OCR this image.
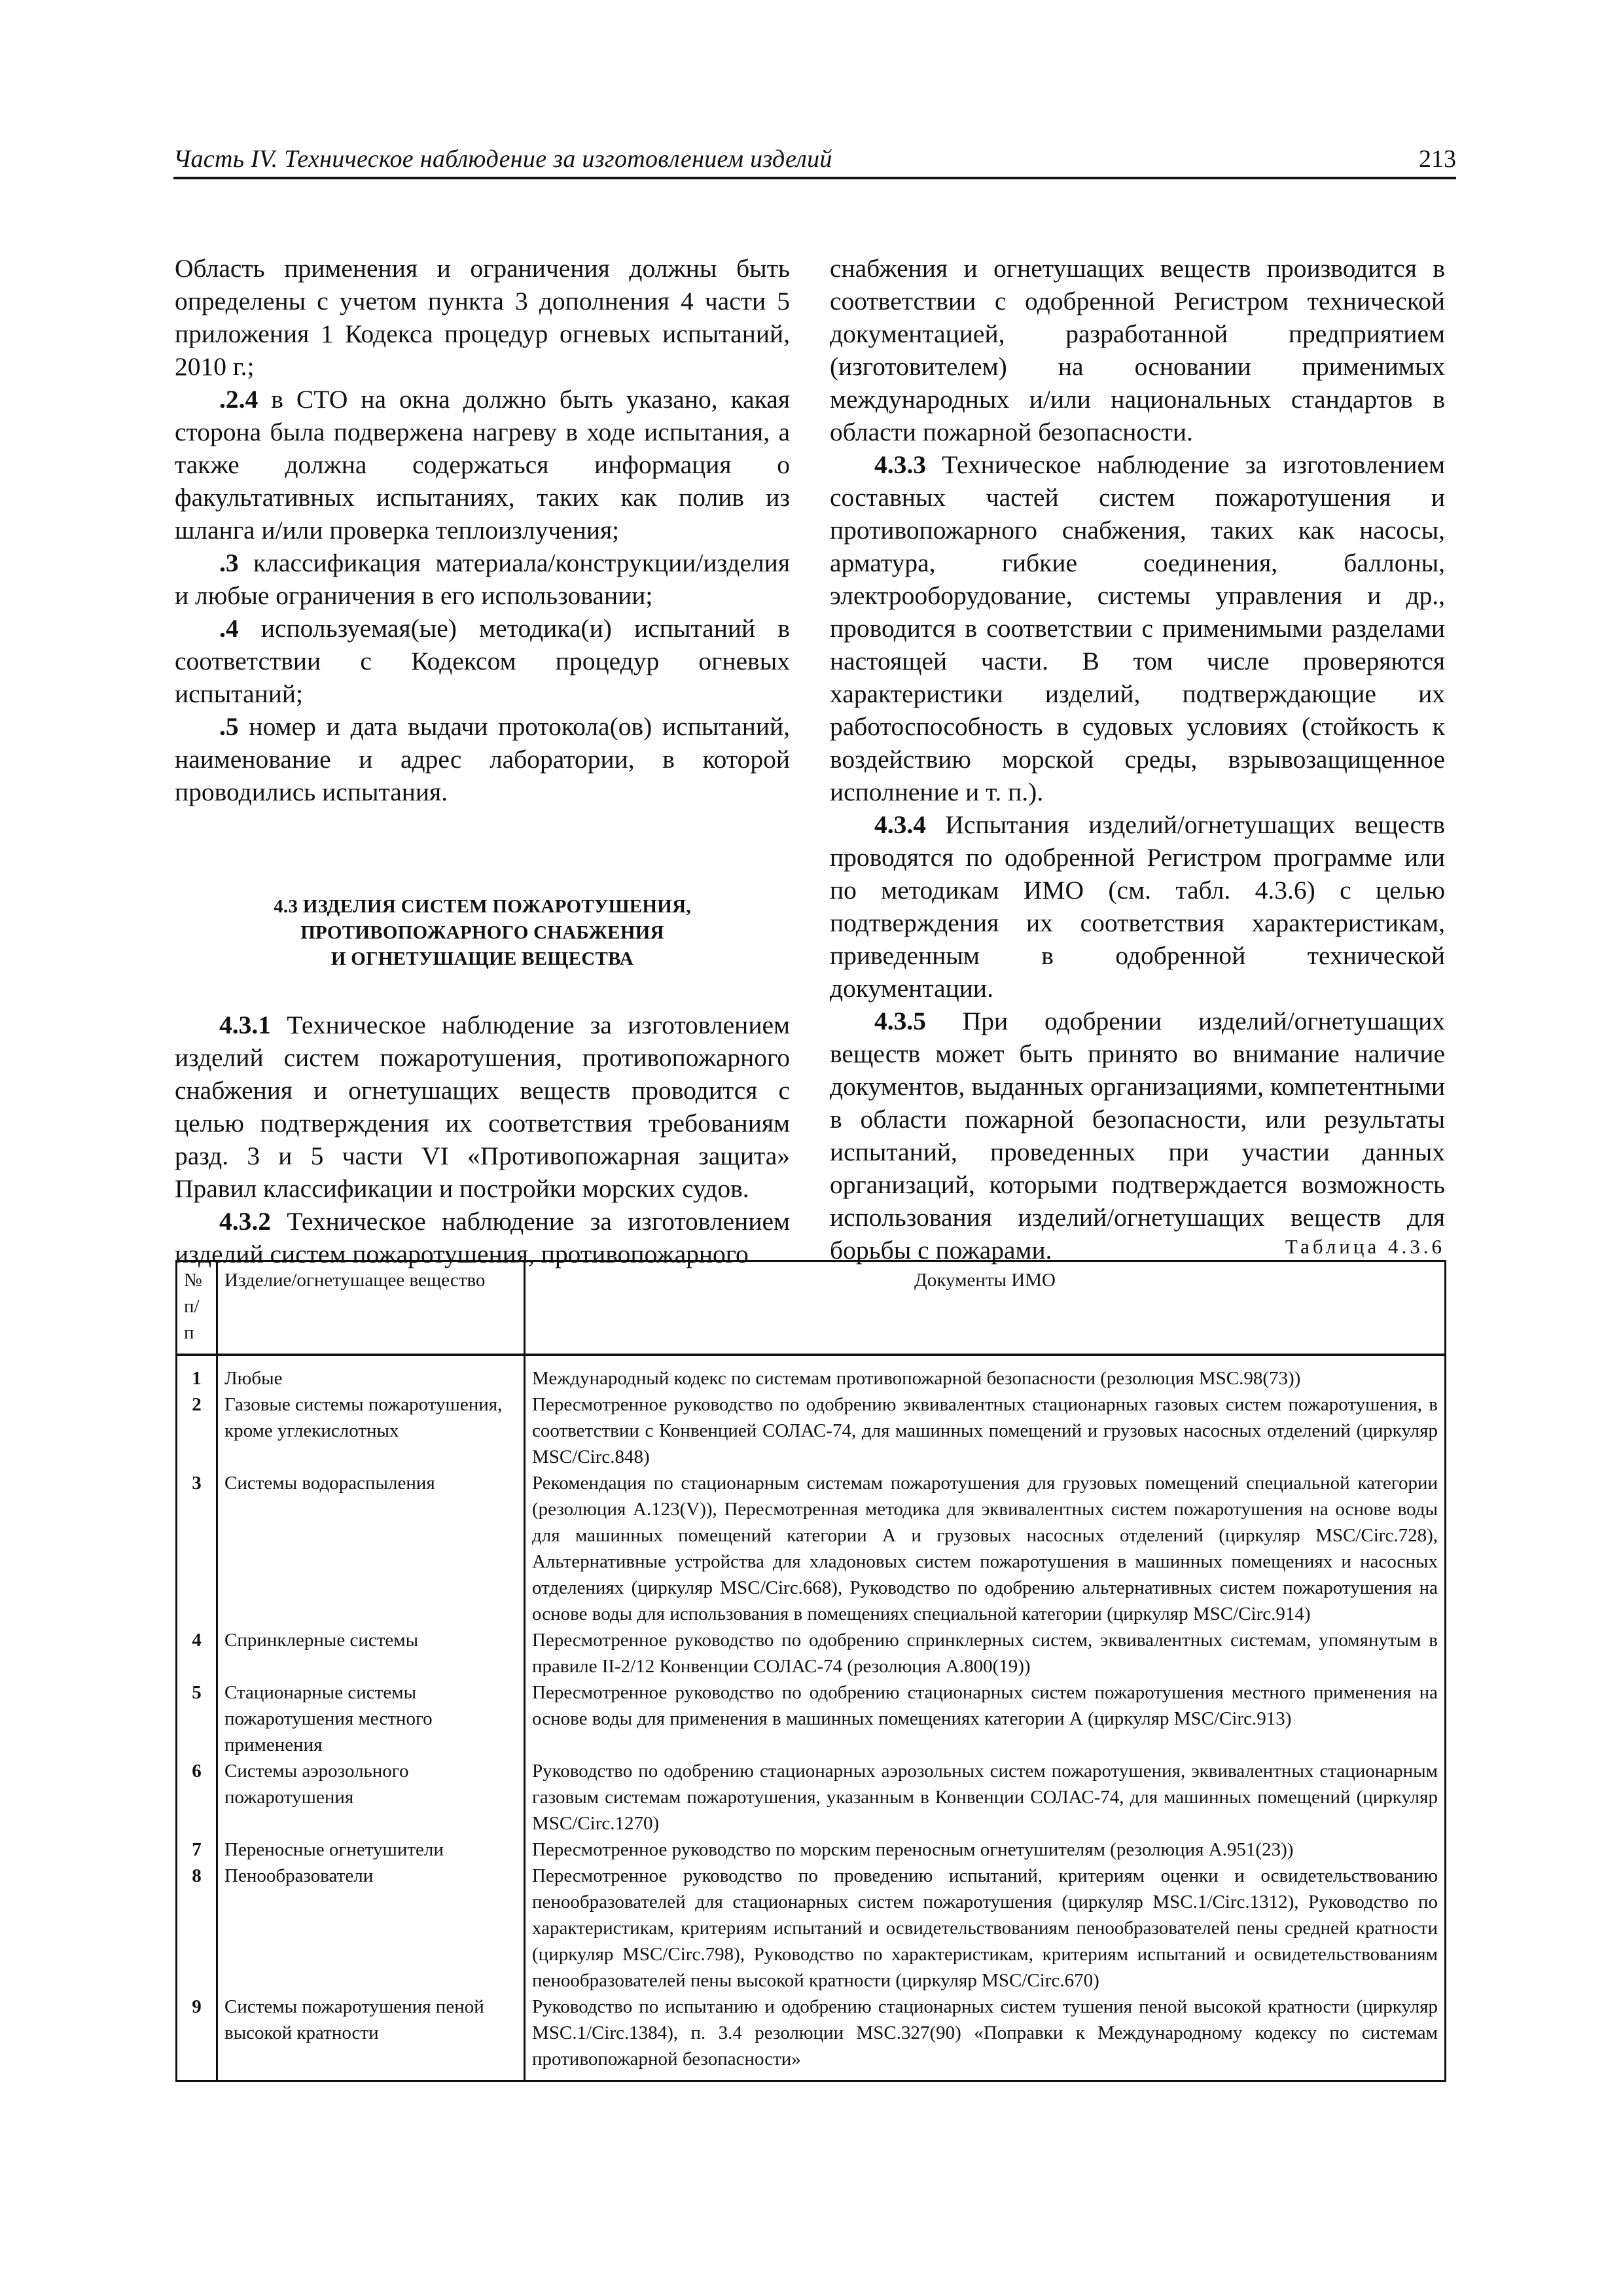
Часть IV. Техническое наблюдение за изготовлением изделий	213

Область применения и ограничения должны быть определены с учетом пункта 3 дополнения 4 части 5 приложения 1 Кодекса процедур огневых испытаний, 2010 г.;

.2.4 в СТО на окна должно быть указано, какая сторона была подвержена нагреву в ходе испытания, а также должна содержаться информация о факультативных испытаниях, таких как полив из шланга и/или проверка теплоизлучения;

.3 классификация материала/конструкции/изделия и любые ограничения в его использовании;

.4 используемая(ые) методика(и) испытаний в соответствии с Кодексом процедур огневых испытаний;

.5 номер и дата выдачи протокола(ов) испытаний, наименование и адрес лаборатории, в которой проводились испытания.

4.3 ИЗДЕЛИЯ СИСТЕМ ПОЖАРОТУШЕНИЯ,
ПРОТИВОПОЖАРНОГО СНАБЖЕНИЯ
И ОГНЕТУШАЩИЕ ВЕЩЕСТВА

4.3.1 Техническое наблюдение за изготовлением изделий систем пожаротушения, противопожарного снабжения и огнетушащих веществ проводится с целью подтверждения их соответствия требованиям разд. 3 и 5 части VI «Противопожарная защита» Правил классификации и постройки морских судов.

4.3.2 Техническое наблюдение за изготовлением изделий систем пожаротушения, противопожарного

снабжения и огнетушащих веществ производится в соответствии с одобренной Регистром технической документацией, разработанной предприятием (изготовителем) на основании применимых международных и/или национальных стандартов в области пожарной безопасности.

4.3.3 Техническое наблюдение за изготовлением составных частей систем пожаротушения и противопожарного снабжения, таких как насосы, арматура, гибкие соединения, баллоны, электрооборудование, системы управления и др., проводится в соответствии с применимыми разделами настоящей части. В том числе проверяются характеристики изделий, подтверждающие их работоспособность в судовых условиях (стойкость к воздействию морской среды, взрывозащищенное исполнение и т. п.).

4.3.4 Испытания изделий/огнетушащих веществ проводятся по одобренной Регистром программе или по методикам ИМО (см. табл. 4.3.6) с целью подтверждения их соответствия характеристикам, приведенным в одобренной технической документации.

4.3.5 При одобрении изделий/огнетушащих веществ может быть принято во внимание наличие документов, выданных организациями, компетентными в области пожарной безопасности, или результаты испытаний, проведенных при участии данных организаций, которыми подтверждается возможность использования изделий/огнетушащих веществ для борьбы с пожарами.	Таблица 4.3.6
№ п/п	Изделие/огнетушащее вещество	Документы ИМО
1	Любые	Международный кодекс по системам противопожарной безопасности (резолюция MSC.98(73))
2	Газовые системы пожаротушения, кроме углекислотных	Пересмотренное руководство по одобрению эквивалентных стационарных газовых систем пожаротушения, в соответствии с Конвенцией СОЛАС-74, для машинных помещений и грузовых насосных отделений (циркуляр MSC/Circ.848)
3	Системы водораспыления	Рекомендация по стационарным системам пожаротушения для грузовых помещений специальной категории (резолюция A.123(V)), Пересмотренная методика для эквивалентных систем пожаротушения на основе воды для машинных помещений категории А и грузовых насосных отделений (циркуляр MSC/Circ.728), Альтернативные устройства для хладоновых систем пожаротушения в машинных помещениях и насосных отделениях (циркуляр MSC/Circ.668), Руководство по одобрению альтернативных систем пожаротушения на основе воды для использования в помещениях специальной категории (циркуляр MSC/Circ.914)
4	Спринклерные системы	Пересмотренное руководство по одобрению спринклерных систем, эквивалентных системам, упомянутым в правиле II-2/12 Конвенции СОЛАС-74 (резолюция A.800(19))
5	Стационарные системы пожаротушения местного применения	Пересмотренное руководство по одобрению стационарных систем пожаротушения местного применения на основе воды для применения в машинных помещениях категории А (циркуляр MSC/Circ.913)
6	Системы аэрозольного пожаротушения	Руководство по одобрению стационарных аэрозольных систем пожаротушения, эквивалентных стационарным газовым системам пожаротушения, указанным в Конвенции СОЛАС-74, для машинных помещений (циркуляр MSC/Circ.1270)
7	Переносные огнетушители	Пересмотренное руководство по морским переносным огнетушителям (резолюция A.951(23))
8	Пенообразователи	Пересмотренное руководство по проведению испытаний, критериям оценки и освидетельствованию пенообразователей для стационарных систем пожаротушения (циркуляр MSC.1/Circ.1312), Руководство по характеристикам, критериям испытаний и освидетельствованиям пенообразователей пены средней кратности (циркуляр MSC/Circ.798), Руководство по характеристикам, критериям испытаний и освидетельствованиям пенообразователей пены высокой кратности (циркуляр MSC/Circ.670)
9	Системы пожаротушения пеной высокой кратности	Руководство по испытанию и одобрению стационарных систем тушения пеной высокой кратности (циркуляр MSC.1/Circ.1384), п. 3.4 резолюции MSC.327(90) «Поправки к Международному кодексу по системам противопожарной безопасности»
